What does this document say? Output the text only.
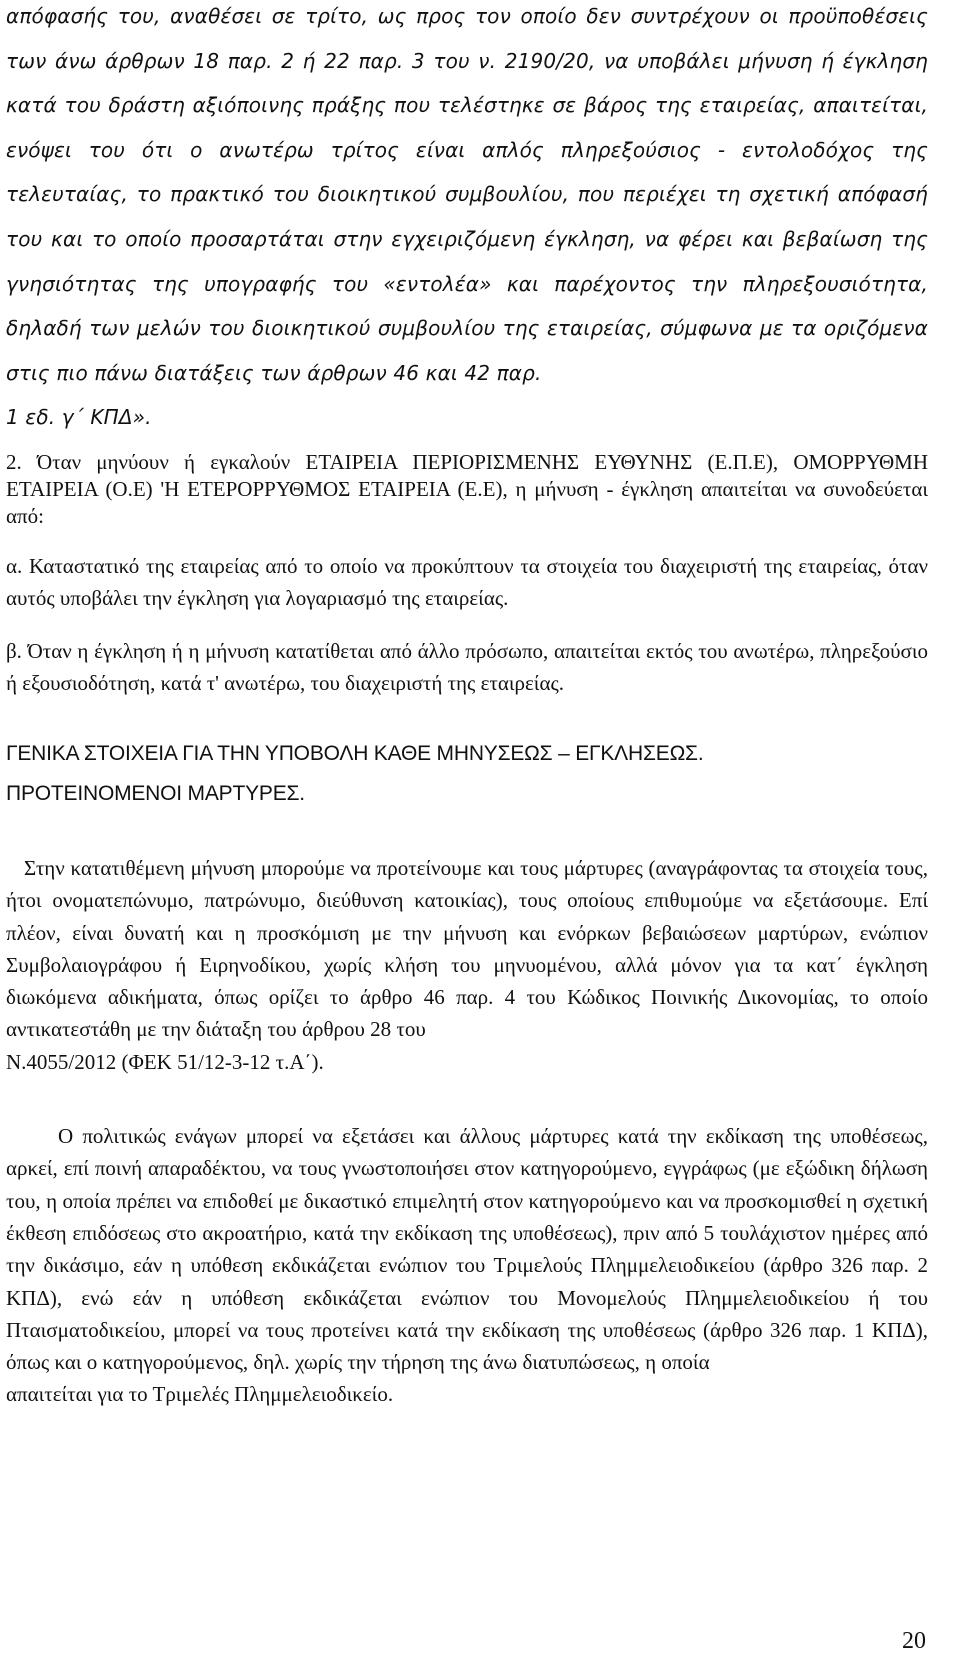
απόφασής του, αναθέσει σε τρίτο, ως προς τον οποίο δεν συντρέχουν οι προϋποθέσεις των άνω άρθρων 18 παρ. 2 ή 22 παρ. 3 του ν. 2190/20, να υποβάλει μήνυση ή έγκληση κατά του δράστη αξιόποινης πράξης που τελέστηκε σε βάρος της εταιρείας, απαιτείται, ενόψει του ότι ο ανωτέρω τρίτος είναι απλός πληρεξούσιος - εντολοδόχος της τελευταίας, το πρακτικό του διοικητικού συμβουλίου, που περιέχει τη σχετική απόφασή του και το οποίο προσαρτάται στην εγχειριζόμενη έγκληση, να φέρει και βεβαίωση της γνησιότητας της υπογραφής του «εντολέα» και παρέχοντος την πληρεξουσιότητα, δηλαδή των μελών του διοικητικού συμβουλίου της εταιρείας, σύμφωνα με τα οριζόμενα στις πιο πάνω διατάξεις των άρθρων 46 και 42 παρ.
1 εδ. γ΄ ΚΠΔ».
2. Όταν μηνύουν ή εγκαλούν ΕΤΑΙΡΕΙΑ ΠΕΡΙΟΡΙΣΜΕΝΗΣ ΕΥΘΥΝΗΣ (Ε.Π.Ε), ΟΜΟΡΡΥΘΜΗ ΕΤΑΙΡΕΙΑ (Ο.Ε) 'Η ΕΤΕΡΟΡΡΥΘΜΟΣ ΕΤΑΙΡΕΙΑ (Ε.Ε), η μήνυση - έγκληση απαιτείται να συνοδεύεται από:
α. Καταστατικό της εταιρείας από το οποίο να προκύπτουν τα στοιχεία του διαχειριστή της εταιρείας, όταν αυτός υποβάλει την έγκληση για λογαριασμό της εταιρείας.
β. Όταν η έγκληση ή η μήνυση κατατίθεται από άλλο πρόσωπο, απαιτείται εκτός του ανωτέρω, πληρεξούσιο ή εξουσιοδότηση, κατά τ' ανωτέρω, του διαχειριστή της εταιρείας.
ΓΕΝΙΚΑ ΣΤΟΙΧΕΙΑ ΓΙΑ ΤΗΝ ΥΠΟΒΟΛΗ ΚΑΘΕ ΜΗΝΥΣΕΩΣ – ΕΓΚΛΗΣΕΩΣ.
ΠΡΟΤΕΙΝΟΜΕΝΟΙ ΜΑΡΤΥΡΕΣ.
Στην κατατιθέμενη μήνυση μπορούμε να προτείνουμε και τους μάρτυρες (αναγράφοντας τα στοιχεία τους, ήτοι ονοματεπώνυμο, πατρώνυμο, διεύθυνση κατοικίας), τους οποίους επιθυμούμε να εξετάσουμε. Επί πλέον, είναι δυνατή και η προσκόμιση με την μήνυση και ενόρκων βεβαιώσεων μαρτύρων, ενώπιον Συμβολαιογράφου ή Ειρηνοδίκου, χωρίς κλήση του μηνυομένου, αλλά μόνον για τα κατ΄ έγκληση διωκόμενα αδικήματα, όπως ορίζει το άρθρο 46 παρ. 4 του Κώδικος Ποινικής Δικονομίας, το οποίο αντικατεστάθη με την διάταξη του άρθρου 28 του
Ν.4055/2012 (ΦΕΚ 51/12-3-12 τ.Α΄).
Ο πολιτικώς ενάγων μπορεί να εξετάσει και άλλους μάρτυρες κατά την εκδίκαση της υποθέσεως, αρκεί, επί ποινή απαραδέκτου, να τους γνωστοποιήσει στον κατηγορούμενο, εγγράφως (με εξώδικη δήλωση του, η οποία πρέπει να επιδοθεί με δικαστικό επιμελητή στον κατηγορούμενο και να προσκομισθεί η σχετική έκθεση επιδόσεως στο ακροατήριο, κατά την εκδίκαση της υποθέσεως), πριν από 5 τουλάχιστον ημέρες από την δικάσιμο, εάν η υπόθεση εκδικάζεται ενώπιον του Τριμελούς Πλημμελειοδικείου (άρθρο 326 παρ. 2 ΚΠΔ), ενώ εάν η υπόθεση εκδικάζεται ενώπιον του Μονομελούς Πλημμελειοδικείου ή του Πταισματοδικείου, μπορεί να τους προτείνει κατά την εκδίκαση της υποθέσεως (άρθρο 326 παρ. 1 ΚΠΔ), όπως και ο κατηγορούμενος, δηλ. χωρίς την τήρηση της άνω διατυπώσεως, η οποία
απαιτείται για το Τριμελές Πλημμελειοδικείο.
20
